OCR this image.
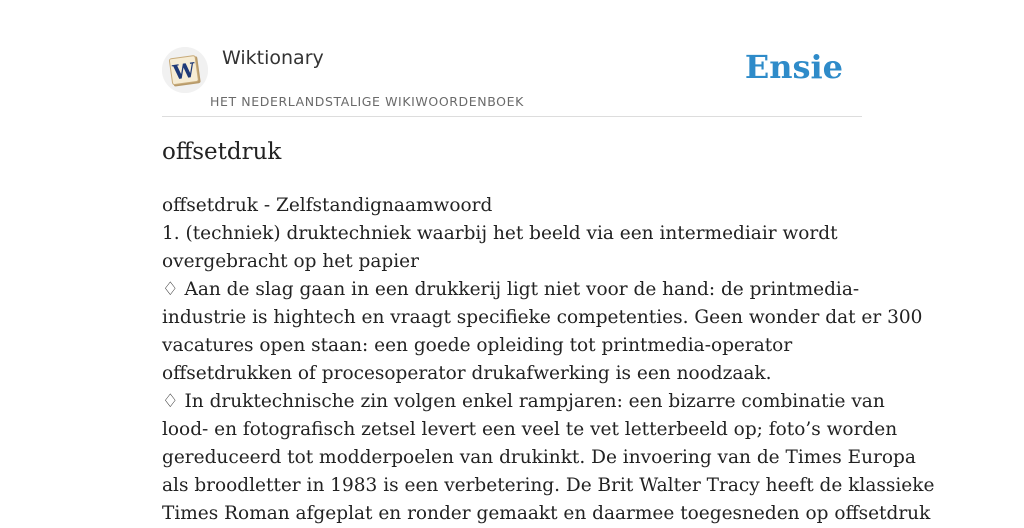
W Wiktionary
HET NEDERLANDSTALIGE WIKIWOORDENBOEK
Ensie
offsetdruk
offsetdruk - Zelfstandignaamwoord
1. (techniek) druktechniek waarbij het beeld via een intermediair wordt
overgebracht op het papier
♢ Aan de slag gaan in een drukkerij ligt niet voor de hand: de printmedia-
industrie is hightech en vraagt specifieke competenties. Geen wonder dat er 300
vacatures open staan: een goede opleiding tot printmedia-operator
offsetdrukken of procesoperator drukafwerking is een noodzaak.
♢ In druktechnische zin volgen enkel rampjaren: een bizarre combinatie van
lood- en fotografisch zetsel levert een veel te vet letterbeeld op; foto’s worden
gereduceerd tot modderpoelen van drukinkt. De invoering van de Times Europa
als broodletter in 1983 is een verbetering. De Brit Walter Tracy heeft de klassieke
Times Roman afgeplat en ronder gemaakt en daarmee toegesneden op offsetdruk
